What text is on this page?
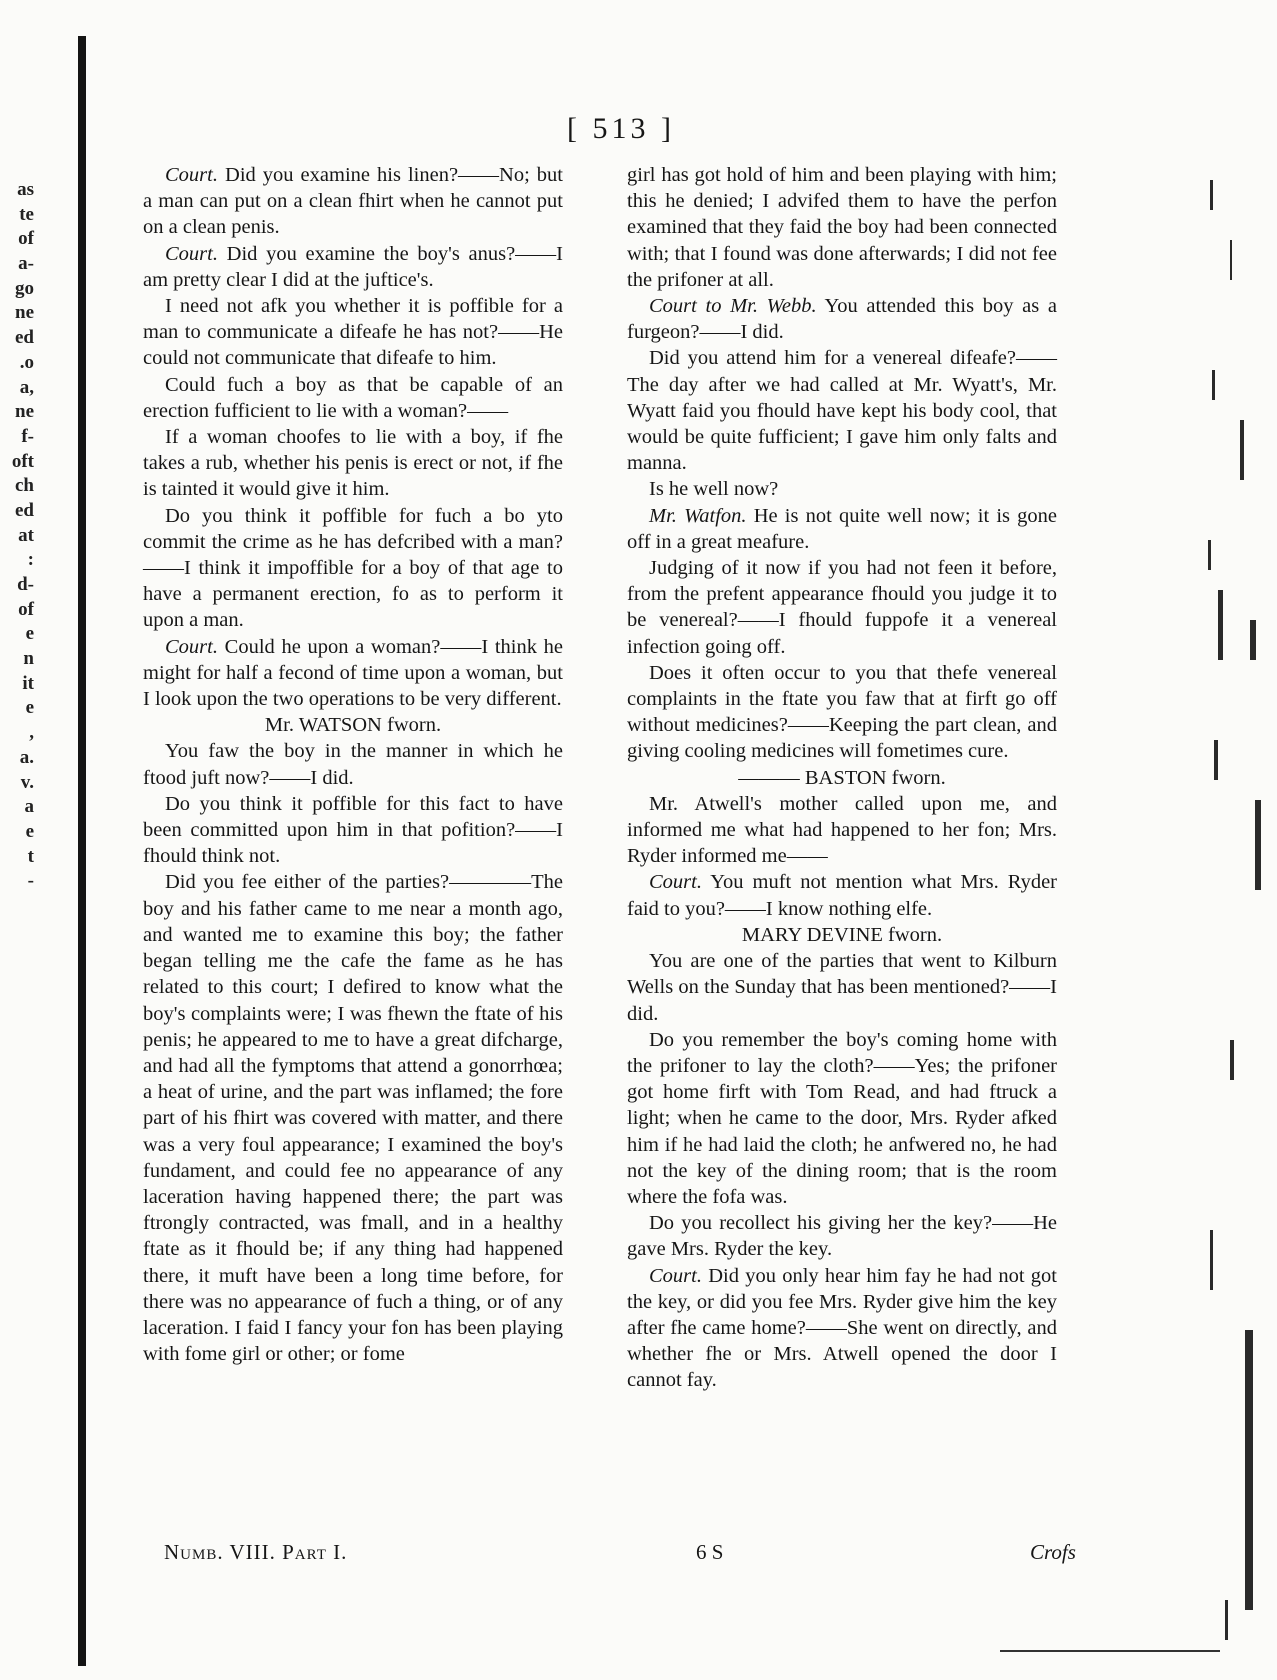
as
te
of
a-
go
ne
ed
.o
a,
ne
f-
oft
ch
ed
at
:
d-
of
e
n
it
e
,
a.
v.
a
e
t
-
[ 513 ]

Court. Did you examine his linen?——No; but a man can put on a clean fhirt when he cannot put on a clean penis.

Court. Did you examine the boy's anus?——I am pretty clear I did at the juftice's.

I need not afk you whether it is poffible for a man to communicate a difeafe he has not?——He could not communicate that difeafe to him.

Could fuch a boy as that be capable of an erection fufficient to lie with a woman?——

If a woman choofes to lie with a boy, if fhe takes a rub, whether his penis is erect or not, if fhe is tainted it would give it him.

Do you think it poffible for fuch a bo yto commit the crime as he has defcribed with a man?——I think it impoffible for a boy of that age to have a permanent erection, fo as to perform it upon a man.

Court. Could he upon a woman?——I think he might for half a fecond of time upon a woman, but I look upon the two operations to be very different.

Mr. WATSON fworn.

You faw the boy in the manner in which he ftood juft now?——I did.

Do you think it poffible for this fact to have been committed upon him in that pofition?——I fhould think not.

Did you fee either of the parties?————The boy and his father came to me near a month ago, and wanted me to examine this boy; the father began telling me the cafe the fame as he has related to this court; I defired to know what the boy's complaints were; I was fhewn the ftate of his penis; he appeared to me to have a great difcharge, and had all the fymptoms that attend a gonorrhœa; a heat of urine, and the part was inflamed; the fore part of his fhirt was covered with matter, and there was a very foul appearance; I examined the boy's fundament, and could fee no appearance of any laceration having happened there; the part was ftrongly contracted, was fmall, and in a healthy ftate as it fhould be; if any thing had happened there, it muft have been a long time before, for there was no appearance of fuch a thing, or of any laceration. I faid I fancy your fon has been playing with fome girl or other; or fome

girl has got hold of him and been playing with him; this he denied; I advifed them to have the perfon examined that they faid the boy had been connected with; that I found was done afterwards; I did not fee the prifoner at all.

Court to Mr. Webb. You attended this boy as a furgeon?——I did.

Did you attend him for a venereal difeafe?——The day after we had called at Mr. Wyatt's, Mr. Wyatt faid you fhould have kept his body cool, that would be quite fufficient; I gave him only falts and manna.

Is he well now?

Mr. Watfon. He is not quite well now; it is gone off in a great meafure.

Judging of it now if you had not feen it before, from the prefent appearance fhould you judge it to be venereal?——I fhould fuppofe it a venereal infection going off.

Does it often occur to you that thefe venereal complaints in the ftate you faw that at firft go off without medicines?——Keeping the part clean, and giving cooling medicines will fometimes cure.

——— BASTON fworn.

Mr. Atwell's mother called upon me, and informed me what had happened to her fon; Mrs. Ryder informed me——

Court. You muft not mention what Mrs. Ryder faid to you?——I know nothing elfe.

MARY DEVINE fworn.

You are one of the parties that went to Kilburn Wells on the Sunday that has been mentioned?——I did.

Do you remember the boy's coming home with the prifoner to lay the cloth?——Yes; the prifoner got home firft with Tom Read, and had ftruck a light; when he came to the door, Mrs. Ryder afked him if he had laid the cloth; he anfwered no, he had not the key of the dining room; that is the room where the fofa was.

Do you recollect his giving her the key?——He gave Mrs. Ryder the key.

Court. Did you only hear him fay he had not got the key, or did you fee Mrs. Ryder give him the key after fhe came home?——She went on directly, and whether fhe or Mrs. Atwell opened the door I cannot fay.

Numb. VIII. Part I.	6 S	Crofs
